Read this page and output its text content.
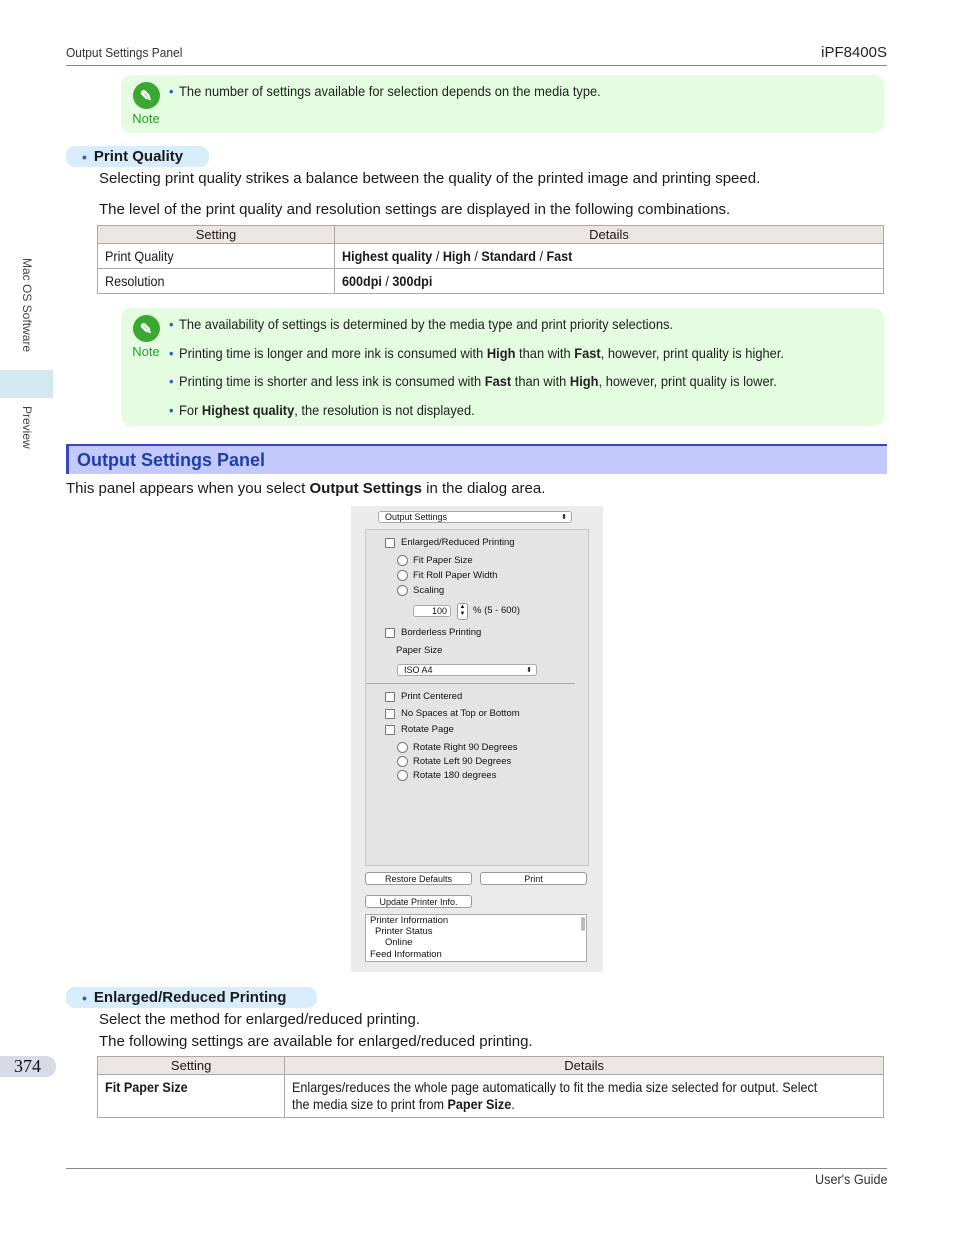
Output Settings Panel	iPF8400S
Mac OS Software
Preview
✎
Note
• The number of settings available for selection depends on the media type.
• Print Quality
Selecting print quality strikes a balance between the quality of the printed image and printing speed.
The level of the print quality and resolution settings are displayed in the following combinations.
Setting	Details
Print Quality	Highest quality / High / Standard / Fast
Resolution	600dpi / 300dpi
✎
Note
• The availability of settings is determined by the media type and print priority selections.
• Printing time is longer and more ink is consumed with High than with Fast, however, print quality is higher.
• Printing time is shorter and less ink is consumed with Fast than with High, however, print quality is lower.
• For Highest quality, the resolution is not displayed.
Output Settings Panel
This panel appears when you select Output Settings in the dialog area.
Output Settings	⬍
Enlarged/Reduced Printing
Fit Paper Size
Fit Roll Paper Width
Scaling
100	▲
▼ % (5 - 600)
Borderless Printing
Paper Size
ISO A4	⬍
Print Centered
No Spaces at Top or Bottom
Rotate Page
Rotate Right 90 Degrees
Rotate Left 90 Degrees
Rotate 180 degrees
Restore Defaults	Print
Update Printer Info.
Printer Information
Printer Status
Online
Feed Information
• Enlarged/Reduced Printing
Select the method for enlarged/reduced printing.
The following settings are available for enlarged/reduced printing.
Setting	Details
Fit Paper Size	Enlarges/reduces the whole page automatically to fit the media size selected for output. Select
the media size to print from Paper Size.
374
User's Guide
